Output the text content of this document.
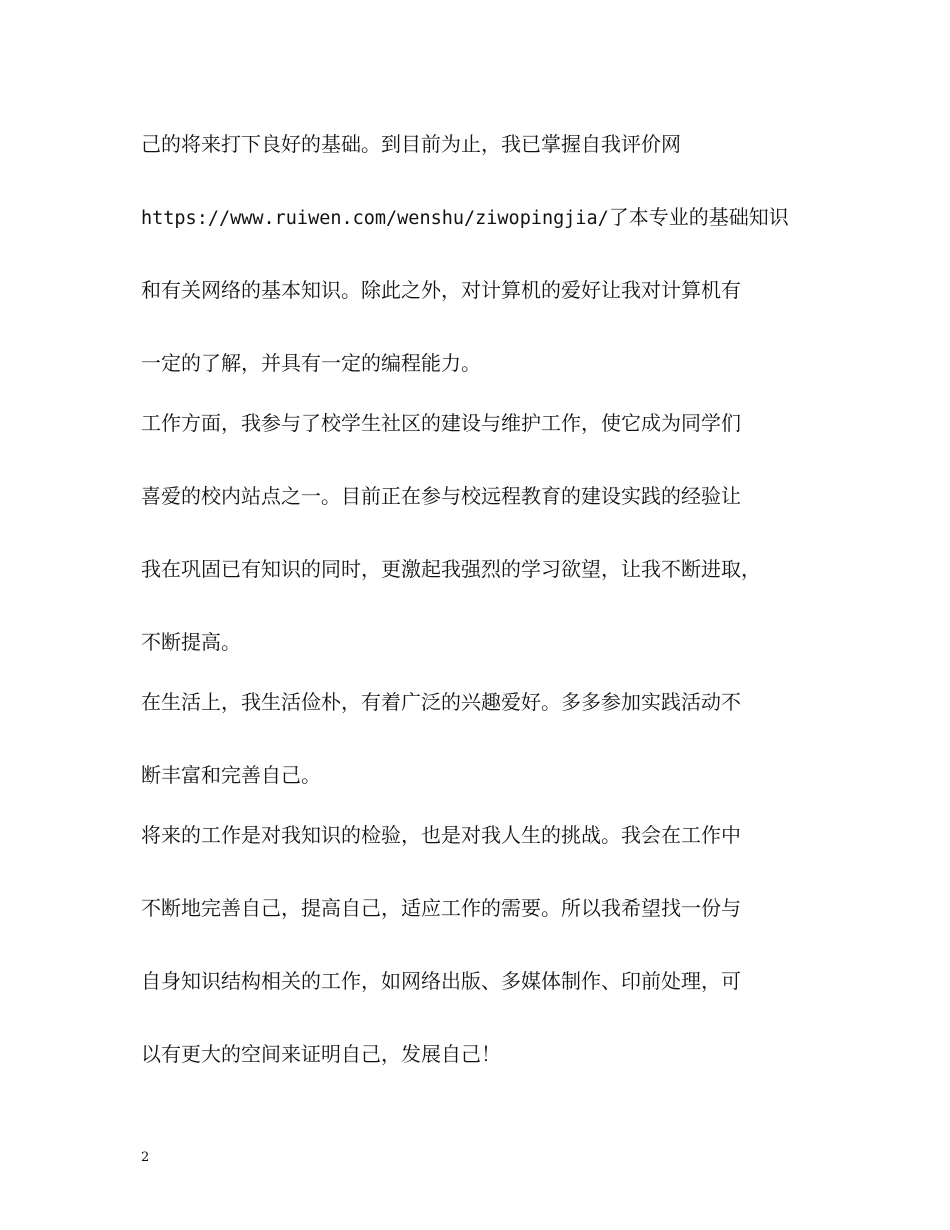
己的将来打下良好的基础。到目前为止，我已掌握自我评价网
https://www.ruiwen.com/wenshu/ziwopingjia/了本专业的基础知识
和有关网络的基本知识。除此之外，对计算机的爱好让我对计算机有
一定的了解，并具有一定的编程能力。
工作方面，我参与了校学生社区的建设与维护工作，使它成为同学们
喜爱的校内站点之一。目前正在参与校远程教育的建设实践的经验让
我在巩固已有知识的同时，更激起我强烈的学习欲望，让我不断进取，
不断提高。
在生活上，我生活俭朴，有着广泛的兴趣爱好。多多参加实践活动不
断丰富和完善自己。
将来的工作是对我知识的检验，也是对我人生的挑战。我会在工作中
不断地完善自己，提高自己，适应工作的需要。所以我希望找一份与
自身知识结构相关的工作，如网络出版、多媒体制作、印前处理，可
以有更大的空间来证明自己，发展自己！
2
